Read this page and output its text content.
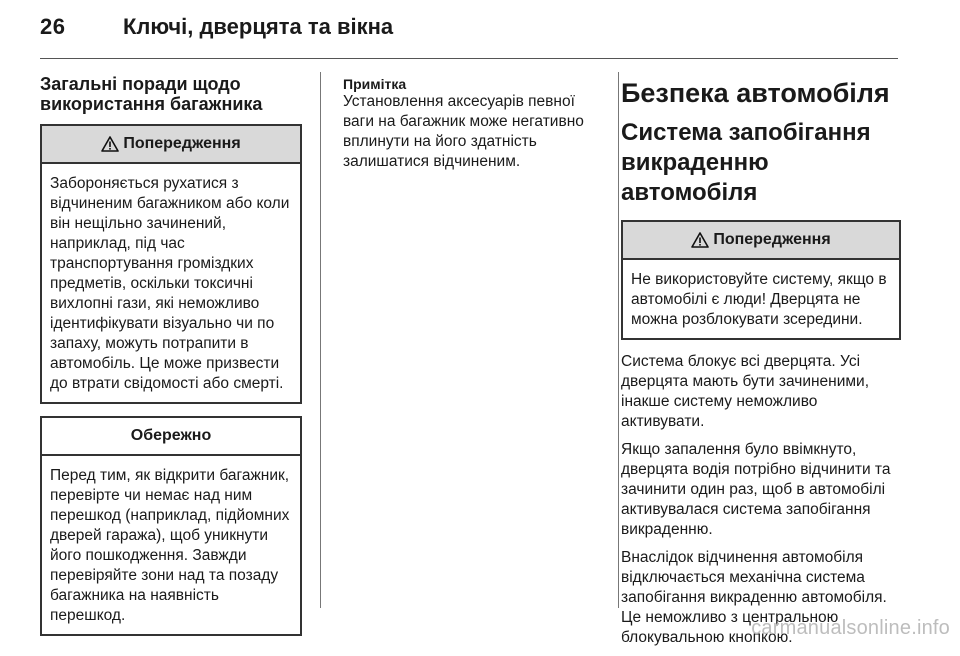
26	Ключі, дверцята та вікна
Загальні поради щодо використання багажника
Попередження
Забороняється рухатися з відчиненим багажником або коли він нещільно зачинений, наприклад, під час транспортування громіздких предметів, оскільки токсичні вихлопні гази, які неможливо ідентифікувати візуально чи по запаху, можуть потрапити в автомобіль. Це може призвести до втрати свідомості або смерті.
Обережно
Перед тим, як відкрити багажник, перевірте чи немає над ним перешкод (наприклад, підйомних дверей гаража), щоб уникнути його пошкодження. Завжди перевіряйте зони над та позаду багажника на наявність перешкод.
Примітка

Установлення аксесуарів певної ваги на багажник може негативно вплинути на його здатність залишатися відчиненим.

Безпека автомобіля
Система запобігання викраденню автомобіля
Попередження
Не використовуйте систему, якщо в автомобілі є люди! Дверцята не можна розблокувати зсередини.

Система блокує всі дверцята. Усі дверцята мають бути зачиненими, інакше систему неможливо активувати.

Якщо запалення було ввімкнуто, дверцята водія потрібно відчинити та зачинити один раз, щоб в автомобілі активувалася система запобігання викраденню.

Внаслідок відчинення автомобіля відключається механічна система запобігання викраденню автомобіля. Це неможливо з центральною блокувальною кнопкою.

carmanualsonline.info
